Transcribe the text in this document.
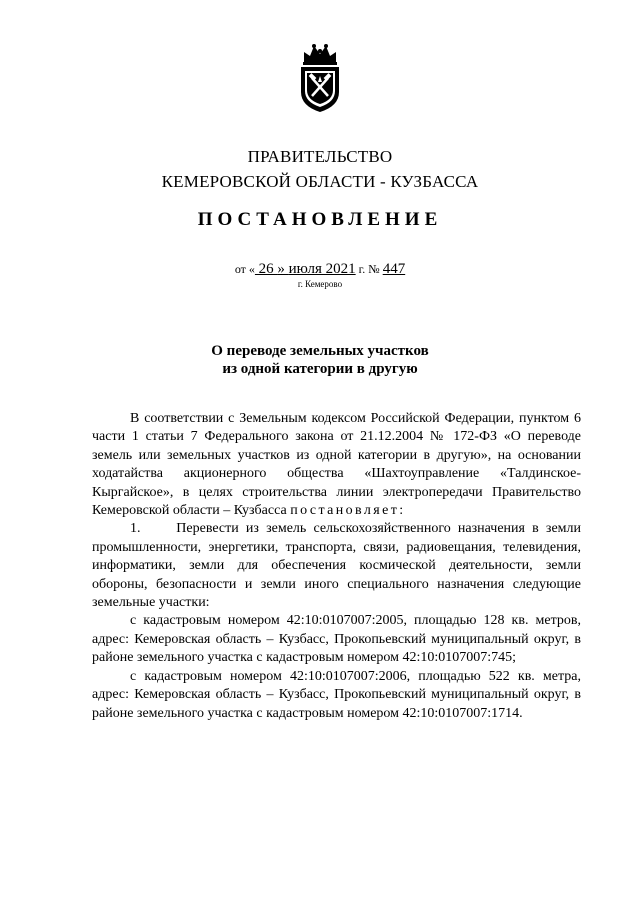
ПРАВИТЕЛЬСТВО
КЕМЕРОВСКОЙ ОБЛАСТИ - КУЗБАССА
ПОСТАНОВЛЕНИЕ
от « 26 » июля 2021 г. № 447
г. Кемерово
О переводе земельных участков
из одной категории в другую

В соответствии с Земельным кодексом Российской Федерации, пунктом 6 части 1 статьи 7 Федерального закона от 21.12.2004 № 172-ФЗ «О переводе земель или земельных участков из одной категории в другую», на основании ходатайства акционерного общества «Шахтоуправление «Талдинское-Кыргайское», в целях строительства линии электропередачи Правительство Кемеровской области – Кузбасса постановляет:

1.     Перевести из земель сельскохозяйственного назначения в земли промышленности, энергетики, транспорта, связи, радиовещания, телевидения, информатики, земли для обеспечения космической деятельности, земли обороны, безопасности и земли иного специального назначения следующие земельные участки:

с кадастровым номером 42:10:0107007:2005, площадью 128 кв. метров, адрес: Кемеровская область – Кузбасс, Прокопьевский муниципальный округ, в районе земельного участка с кадастровым номером 42:10:0107007:745;

с кадастровым номером 42:10:0107007:2006, площадью 522 кв. метра, адрес: Кемеровская область – Кузбасс, Прокопьевский муниципальный округ, в районе земельного участка с кадастровым номером 42:10:0107007:1714.
